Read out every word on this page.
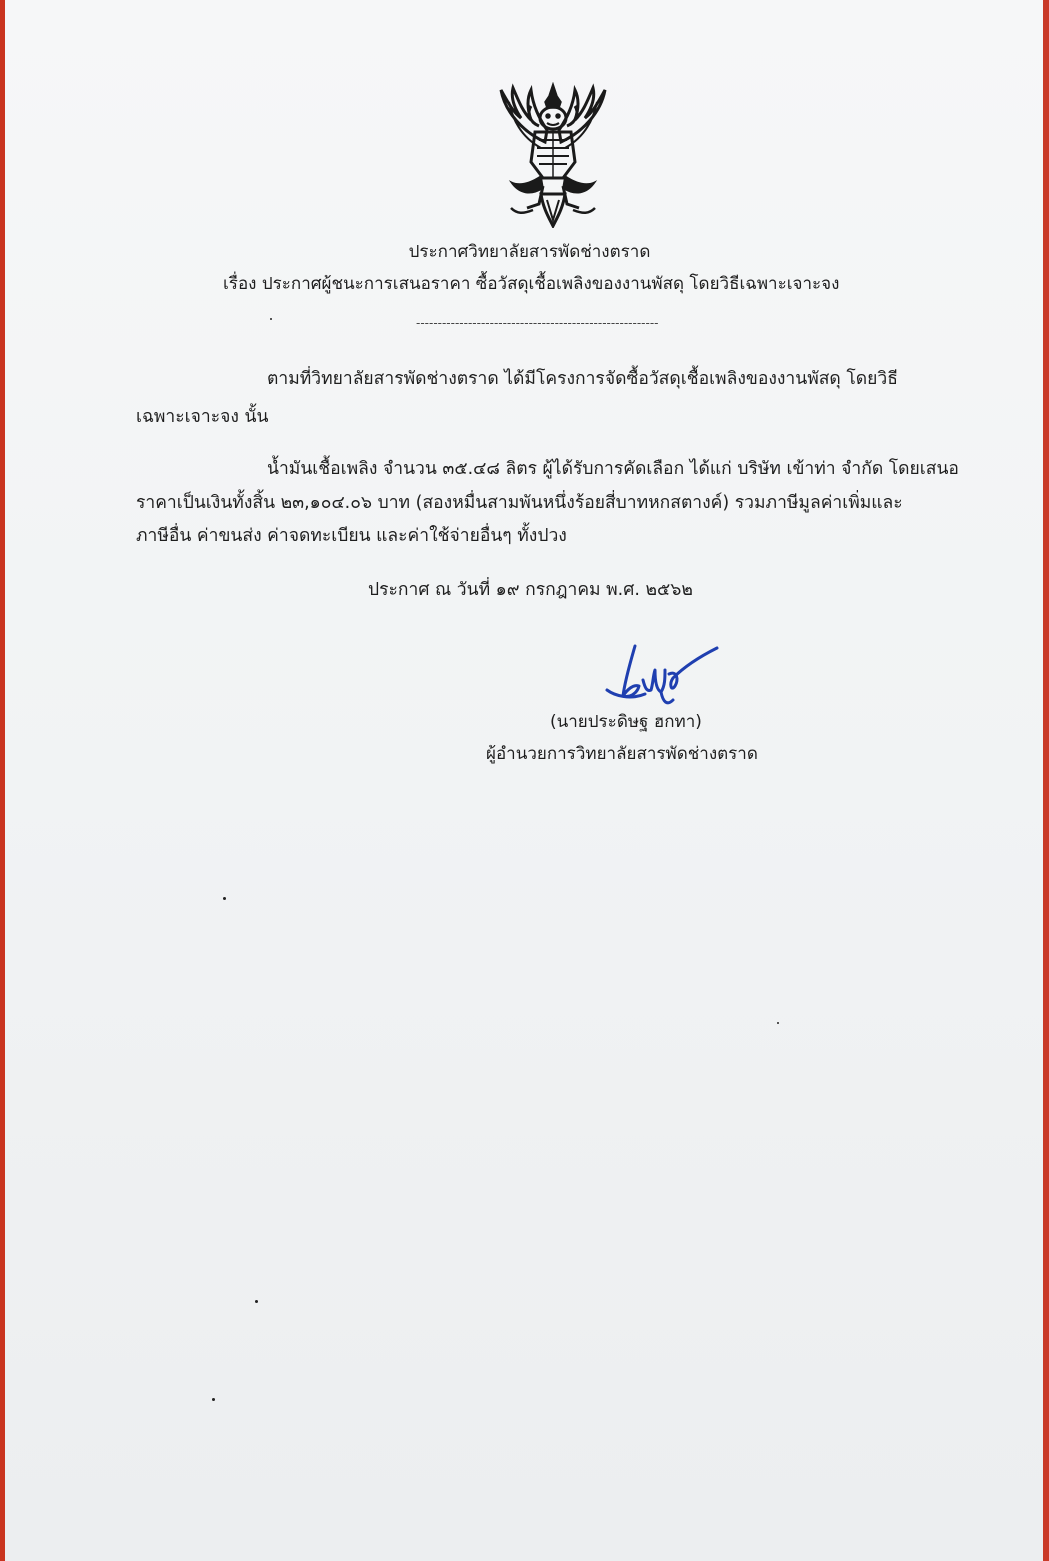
ประกาศวิทยาลัยสารพัดช่างตราด
เรื่อง ประกาศผู้ชนะการเสนอราคา ซื้อวัสดุเชื้อเพลิงของงานพัสดุ โดยวิธีเฉพาะเจาะจง
--------------------------------------------------------
ตามที่วิทยาลัยสารพัดช่างตราด ได้มีโครงการจัดซื้อวัสดุเชื้อเพลิงของงานพัสดุ โดยวิธี
เฉพาะเจาะจง นั้น
น้ำมันเชื้อเพลิง จำนวน ๓๕.๔๘ ลิตร ผู้ได้รับการคัดเลือก ได้แก่ บริษัท เข้าท่า จำกัด โดยเสนอ
ราคาเป็นเงินทั้งสิ้น ๒๓,๑๐๔.๐๖ บาท (สองหมื่นสามพันหนึ่งร้อยสี่บาทหกสตางค์) รวมภาษีมูลค่าเพิ่มและ
ภาษีอื่น ค่าขนส่ง ค่าจดทะเบียน และค่าใช้จ่ายอื่นๆ ทั้งปวง
ประกาศ ณ วันที่ ๑๙ กรกฎาคม พ.ศ. ๒๕๖๒
(นายประดิษฐ ฮกทา)
ผู้อำนวยการวิทยาลัยสารพัดช่างตราด
